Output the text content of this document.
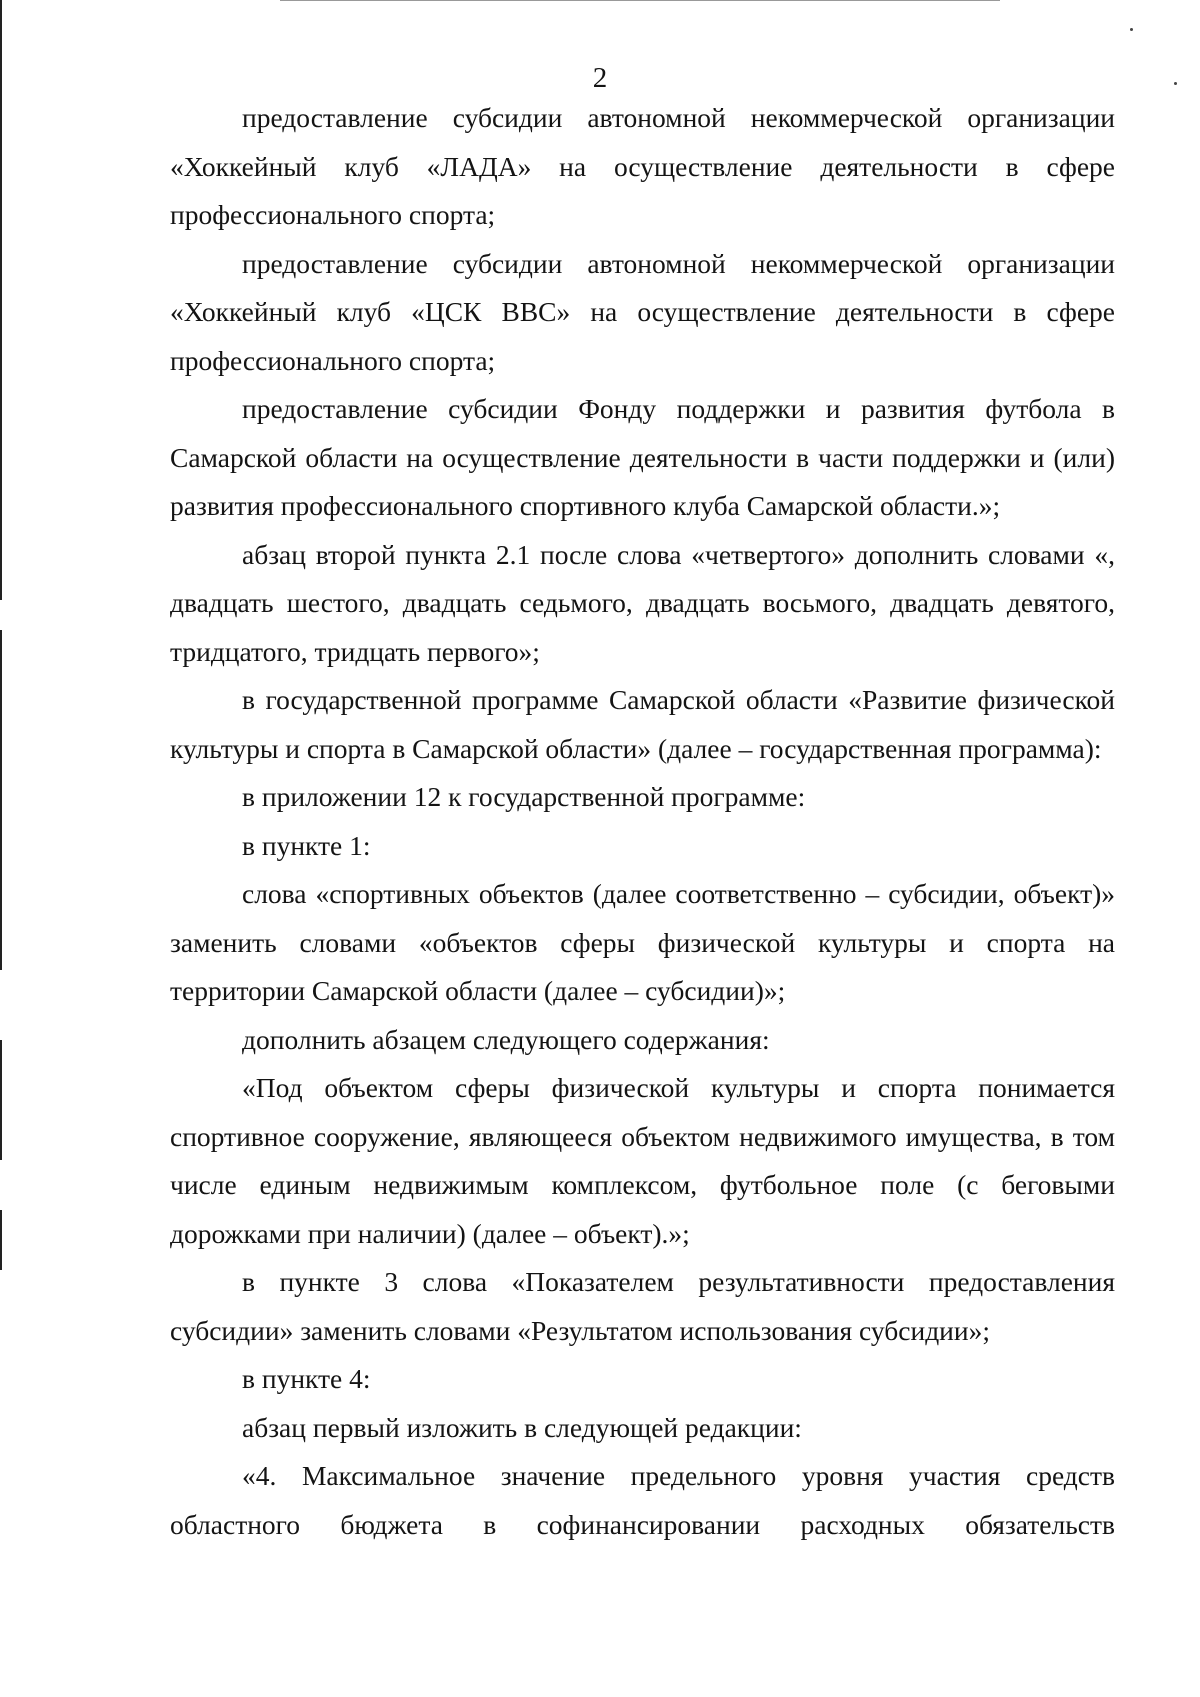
2

предоставление субсидии автономной некоммерческой организации «Хоккейный клуб «ЛАДА» на осуществление деятельности в сфере профессионального спорта;

предоставление субсидии автономной некоммерческой организации «Хоккейный клуб «ЦСК ВВС» на осуществление деятельности в сфере профессионального спорта;

предоставление субсидии Фонду поддержки и развития футбола в Самарской области на осуществление деятельности в части поддержки и (или) развития профессионального спортивного клуба Самарской области.»;

абзац второй пункта 2.1 после слова «четвертого» дополнить словами «, двадцать шестого, двадцать седьмого, двадцать восьмого, двадцать девятого, тридцатого, тридцать первого»;

в государственной программе Самарской области «Развитие физической культуры и спорта в Самарской области» (далее – государственная программа):

в приложении 12 к государственной программе:

в пункте 1:

слова «спортивных объектов (далее соответственно – субсидии, объект)» заменить словами «объектов сферы физической культуры и спорта на территории Самарской области (далее – субсидии)»;

дополнить абзацем следующего содержания:

«Под объектом сферы физической культуры и спорта понимается спортивное сооружение, являющееся объектом недвижимого имущества, в том числе единым недвижимым комплексом, футбольное поле (с беговыми дорожками при наличии) (далее – объект).»;

в пункте 3 слова «Показателем результативности предоставления субсидии» заменить словами «Результатом использования субсидии»;

в пункте 4:

абзац первый изложить в следующей редакции:

«4. Максимальное значение предельного уровня участия средств
областного бюджета в софинансировании расходных обязательств
